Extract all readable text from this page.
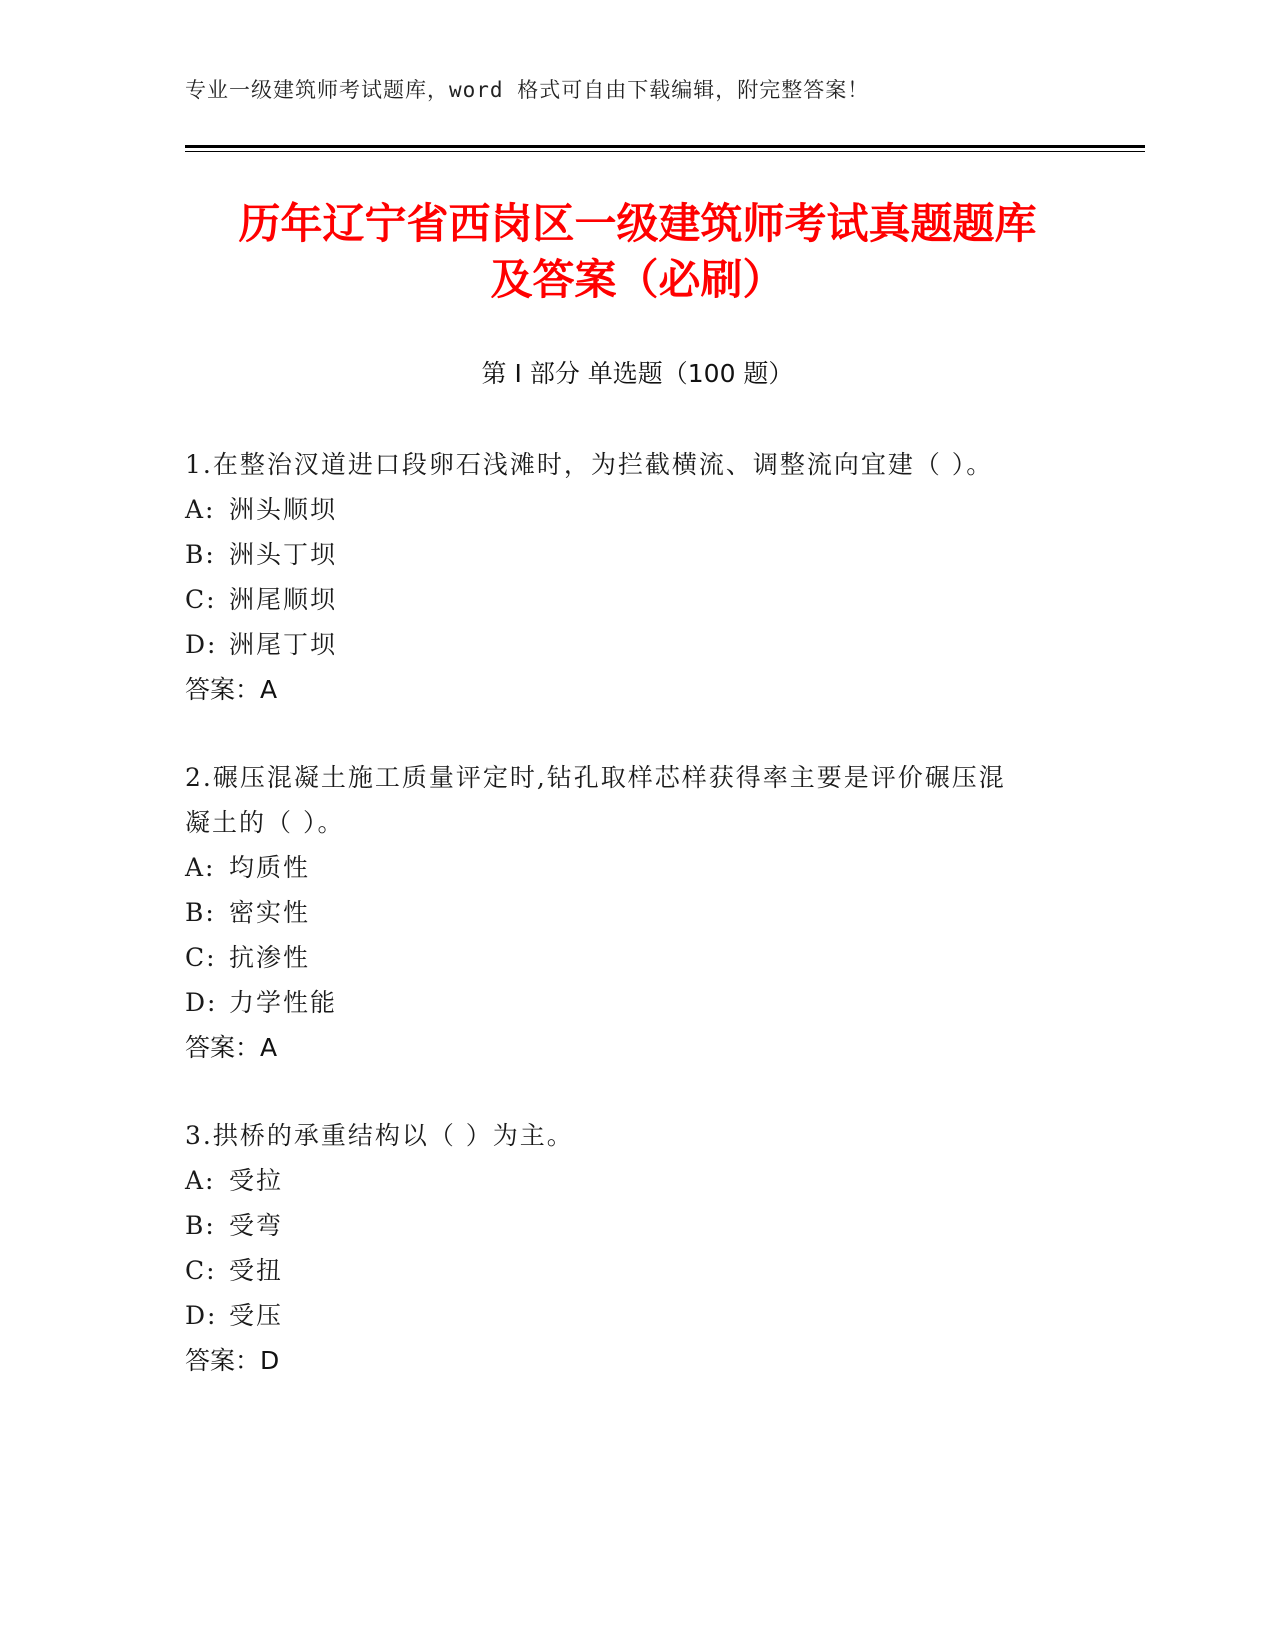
专业一级建筑师考试题库，word 格式可自由下载编辑，附完整答案！
历年辽宁省西岗区一级建筑师考试真题题库
及答案（必刷）
第 I 部分 单选题（100 题）
1.在整治汊道进口段卵石浅滩时，为拦截横流、调整流向宜建（ ）。
A: 洲头顺坝
B: 洲头丁坝
C: 洲尾顺坝
D: 洲尾丁坝
答案：A
2.碾压混凝土施工质量评定时,钻孔取样芯样获得率主要是评价碾压混
凝土的（ ）。
A: 均质性
B: 密实性
C: 抗渗性
D: 力学性能
答案：A
3.拱桥的承重结构以（ ）为主。
A: 受拉
B: 受弯
C: 受扭
D: 受压
答案：D
